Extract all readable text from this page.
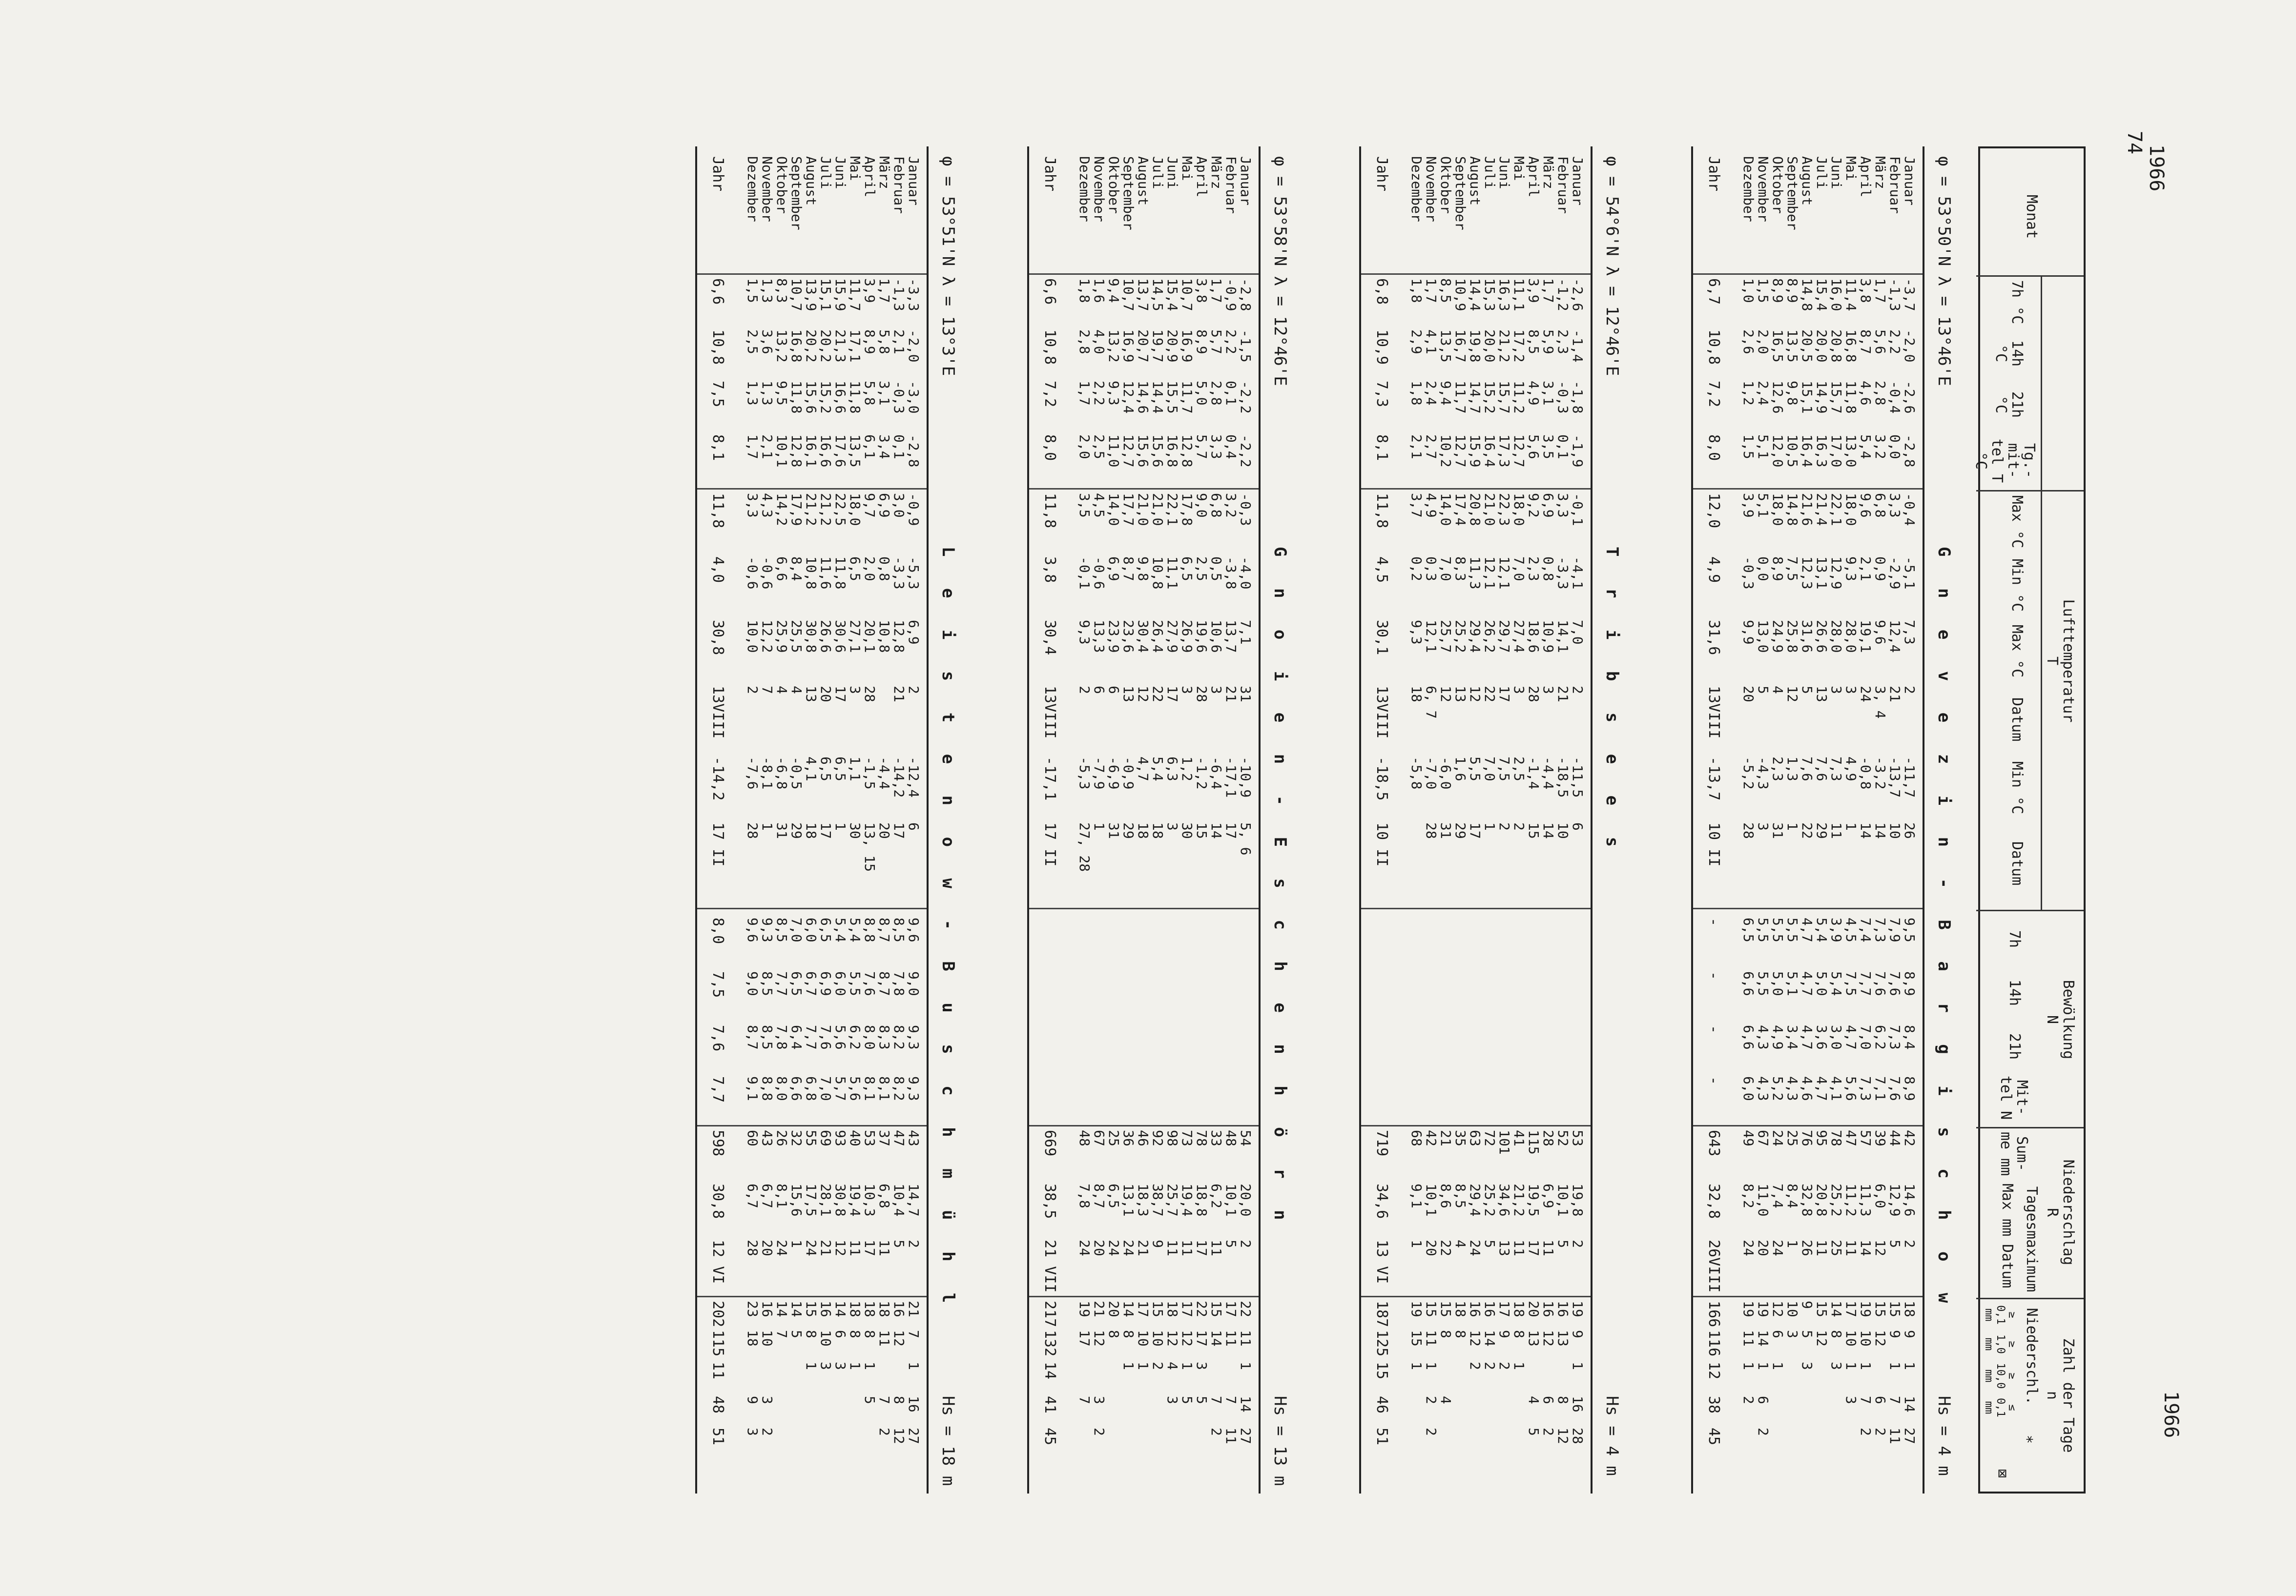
74
1966
1966
Monat
Lufttemperatur
T
7h °C
14h °C
21h °C
Tg.-mit-tel T °C
Max °C
Min °C
Max °C
Datum
Min °C
Datum
Bewölkung
N
7h
14h
21h
Mit-tel N
Niederschlag
R
Sum-me mm
Tagesmaximum
Max mm
Datum
Zahl der Tage
n
Niederschl.
≥ 0,1 mm
≥ 1,0 mm
≥ 10,0 mm
≤ 0,1 mm
*
⊠
G n e v e z i n - B a r g i s c h o w
φ = 53°50'N λ = 13°46'E
Hs = 4 m
Januar
-3,7
-2,0
-2,6
-2,8
-0,4
-5,1
7,3
2
-11,7
26
9,5
8,9
8,4
8,9
42
14,6
2
18
9
1
14
27
Februar
-1,3
2,2
-0,4
0,0
3,3
-2,9
12,4
21
-13,7
10
7,9
7,6
7,3
7,6
44
12,9
5
15
9
1
7
11
März
1,7
5,6
2,8
3,2
6,8
0,9
9,6
3, 4
-3,2
14
7,3
7,6
6,2
7,1
39
6,0
12
15
12
6
2
April
3,8
8,7
4,6
5,4
9,6
2,1
19,1
24
-0,8
14
7,4
7,7
7,0
7,3
57
11,3
14
19
10
1
7
2
Mai
11,4
16,8
11,8
13,0
18,0
9,3
28,0
3
4,9
1
4,5
7,5
4,7
5,6
47
11,2
11
17
10
1
3
Juni
16,0
20,8
15,7
17,0
22,1
12,9
28,0
3
7,3
11
3,9
5,4
3,0
4,1
78
25,2
25
14
8
3
Juli
15,4
20,0
14,9
16,3
21,4
13,1
26,6
13
7,6
29
5,4
5,0
3,6
4,7
95
20,8
11
15
12
August
14,8
20,5
15,1
16,4
21,6
12,3
31,6
5
7,6
22
4,7
4,7
4,7
4,6
76
32,8
26
9
5
3
September
8,9
13,5
9,8
10,5
14,8
7,5
25,8
12
1,3
1
5,5
5,1
3,4
4,3
25
8,4
1
10
3
Oktober
8,9
16,5
12,6
12,0
18,0
8,9
24,9
4
2,3
31
5,5
5,0
4,9
5,2
24
7,4
24
12
6
1
November
1,5
2,0
2,4
5,1
5,1
0,0
13,0
5
-4,3
3
5,5
5,5
4,3
4,3
67
11,0
20
19
14
1
6
2
Dezember
1,0
2,6
1,2
1,5
3,9
-0,3
9,9
20
-5,2
28
6,5
6,6
6,6
6,0
49
8,2
24
19
11
1
2
Jahr
6,7
10,8
7,2
8,0
12,0
4,9
31,6
13VIII
-13,7
10 II
-
-
-
-
643
32,8
26VIII
166
116
12
38
45
T r i b s e e s
φ = 54°6'N λ = 12°46'E
Hs = 4 m
Januar
-2,6
-1,4
-1,8
-1,9
-0,1
-4,1
7,0
2
-11,5
6
53
19,8
2
19
9
1
16
28
Februar
-1,2
2,3
-0,3
0,1
3,3
-3,3
14,1
21
-18,5
10
52
10,1
5
16
13
8
12
März
1,7
5,9
3,1
3,5
6,9
0,8
10,9
3
-4,4
14
28
6,9
11
16
12
6
2
April
3,9
8,5
4,9
5,6
9,2
2,3
18,6
28
-1,4
15
115
19,5
17
20
13
4
5
Mai
11,1
17,2
11,2
12,7
18,0
7,0
27,4
3
2,5
2
41
21,2
11
18
8
1
Juni
16,3
21,2
15,7
17,3
22,3
12,1
29,7
17
7,5
2
101
34,6
13
17
9
2
Juli
15,3
20,0
15,2
16,4
21,0
12,1
26,2
22
7,0
1
72
25,2
5
16
14
2
August
14,4
19,8
14,7
15,9
20,8
11,3
29,4
12
5,5
17
63
29,4
24
16
12
2
September
10,9
16,7
11,7
12,7
17,4
8,3
25,2
13
1,6
29
35
8,5
4
18
8
Oktober
8,5
13,5
9,4
10,2
14,0
7,0
25,7
12
-6,0
31
21
8,6
22
15
8
4
November
1,7
4,1
2,4
2,7
4,9
0,3
12,1
6, 7
-7,0
28
42
10,1
20
15
11
1
2
2
Dezember
1,8
2,9
1,8
2,1
3,7
0,2
9,3
18
-5,8
68
9,1
1
19
15
1
Jahr
6,8
10,9
7,3
8,1
11,8
4,5
30,1
13VIII
-18,5
10 II
719
34,6
13 VI
187
125
15
46
51
G n o i e n - E s c h e n h ö r n
φ = 53°58'N λ = 12°46'E
Hs = 13 m
Januar
-2,8
-1,5
-2,2
-2,2
-0,3
-4,0
7,1
31
-10,9
5, 6
54
20,0
2
22
11
1
14
27
Februar
-0,9
2,2
0,1
0,4
3,2
-3,8
13,7
21
-17,1
17
48
10,1
5
17
11
7
11
März
1,7
5,7
2,8
3,3
6,8
0,5
10,6
3
-6,4
14
33
6,2
11
15
14
7
2
April
3,8
8,9
5,0
5,7
9,0
2,5
19,6
28
-1,2
15
78
18,8
17
22
17
3
5
Mai
10,7
16,9
11,7
12,8
17,8
6,5
26,9
3
1,2
30
73
19,4
11
17
12
1
5
Juni
15,4
20,9
15,5
16,8
22,1
11,1
27,9
17
6,3
3
98
25,7
11
18
12
4
3
Juli
14,5
19,7
14,4
15,6
21,0
10,8
26,4
22
5,4
18
92
38,7
9
15
10
2
August
13,7
20,7
14,6
15,6
21,0
9,8
30,4
12
4,7
18
46
18,3
21
17
10
1
September
10,7
16,9
12,4
12,7
17,7
8,7
23,6
13
-0,9
29
36
13,1
24
14
8
1
Oktober
9,4
13,2
9,3
11,0
14,0
6,9
23,9
6
-6,9
31
25
6,5
24
20
8
November
1,6
4,0
2,2
2,5
4,5
-0,6
13,3
6
-7,9
1
67
8,7
20
21
12
3
2
Dezember
1,8
2,8
1,7
2,0
3,5
-0,1
9,3
2
-5,3
27, 28
48
7,8
24
19
17
7
Jahr
6,6
10,8
7,2
8,0
11,8
3,8
30,4
13VIII
-17,1
17 II
669
38,5
21 VII
217
132
14
41
45
L e i s t e n o w - B u s c h m ü h l
φ = 53°51'N λ = 13°3'E
Hs = 18 m
Januar
-3,3
-2,0
-3,0
-2,8
-0,9
-5,3
6,9
2
-12,4
6
9,6
9,0
9,3
9,3
43
14,7
2
21
7
1
16
27
Februar
-1,3
2,1
-0,3
0,1
3,0
-3,3
12,8
21
-14,2
17
8,5
7,8
8,2
8,2
47
10,4
5
16
12
8
12
März
1,7
5,8
3,1
3,4
6,9
0,8
10,8
-4,4
20
8,7
8,7
8,3
8,1
37
6,8
11
18
11
7
2
April
3,9
8,9
5,8
6,1
9,7
2,0
20,1
28
-1,5
13, 15
8,8
7,6
8,0
8,1
53
10,3
17
18
8
1
5
Mai
11,7
17,1
11,8
13,5
18,0
6,5
27,1
3
1,1
30
5,4
5,5
6,2
5,6
40
19,4
11
18
8
1
Juni
15,9
21,3
16,6
17,6
22,5
11,8
30,6
17
6,5
1
5,4
6,0
5,6
5,7
93
30,8
12
14
6
3
Juli
15,1
20,2
15,2
16,6
21,2
11,6
26,6
20
6,5
17
6,5
6,9
7,6
7,0
69
28,1
21
16
10
3
August
13,9
20,2
15,6
16,1
21,2
10,8
30,8
13
4,1
18
6,0
6,7
7,7
6,8
55
17,5
24
15
8
1
September
10,7
16,8
11,8
12,8
17,9
8,4
25,5
4
-0,5
29
7,0
6,5
6,4
6,6
32
15,6
1
14
5
Oktober
8,3
13,2
9,5
10,1
14,2
6,6
25,9
4
-6,8
31
8,5
7,7
7,8
8,0
26
8,1
24
14
7
November
1,3
3,6
1,3
2,1
4,3
-0,6
12,2
7
-8,1
1
9,3
8,5
8,5
8,8
43
6,7
20
16
10
3
2
Dezember
1,5
2,5
1,3
1,7
3,3
-0,6
10,0
2
-7,6
28
9,6
9,0
8,7
9,1
60
6,7
28
23
18
9
3
Jahr
6,6
10,8
7,5
8,1
11,8
4,0
30,8
13VIII
-14,2
17 II
8,0
7,5
7,6
7,7
598
30,8
12 VI
202
115
11
48
51
